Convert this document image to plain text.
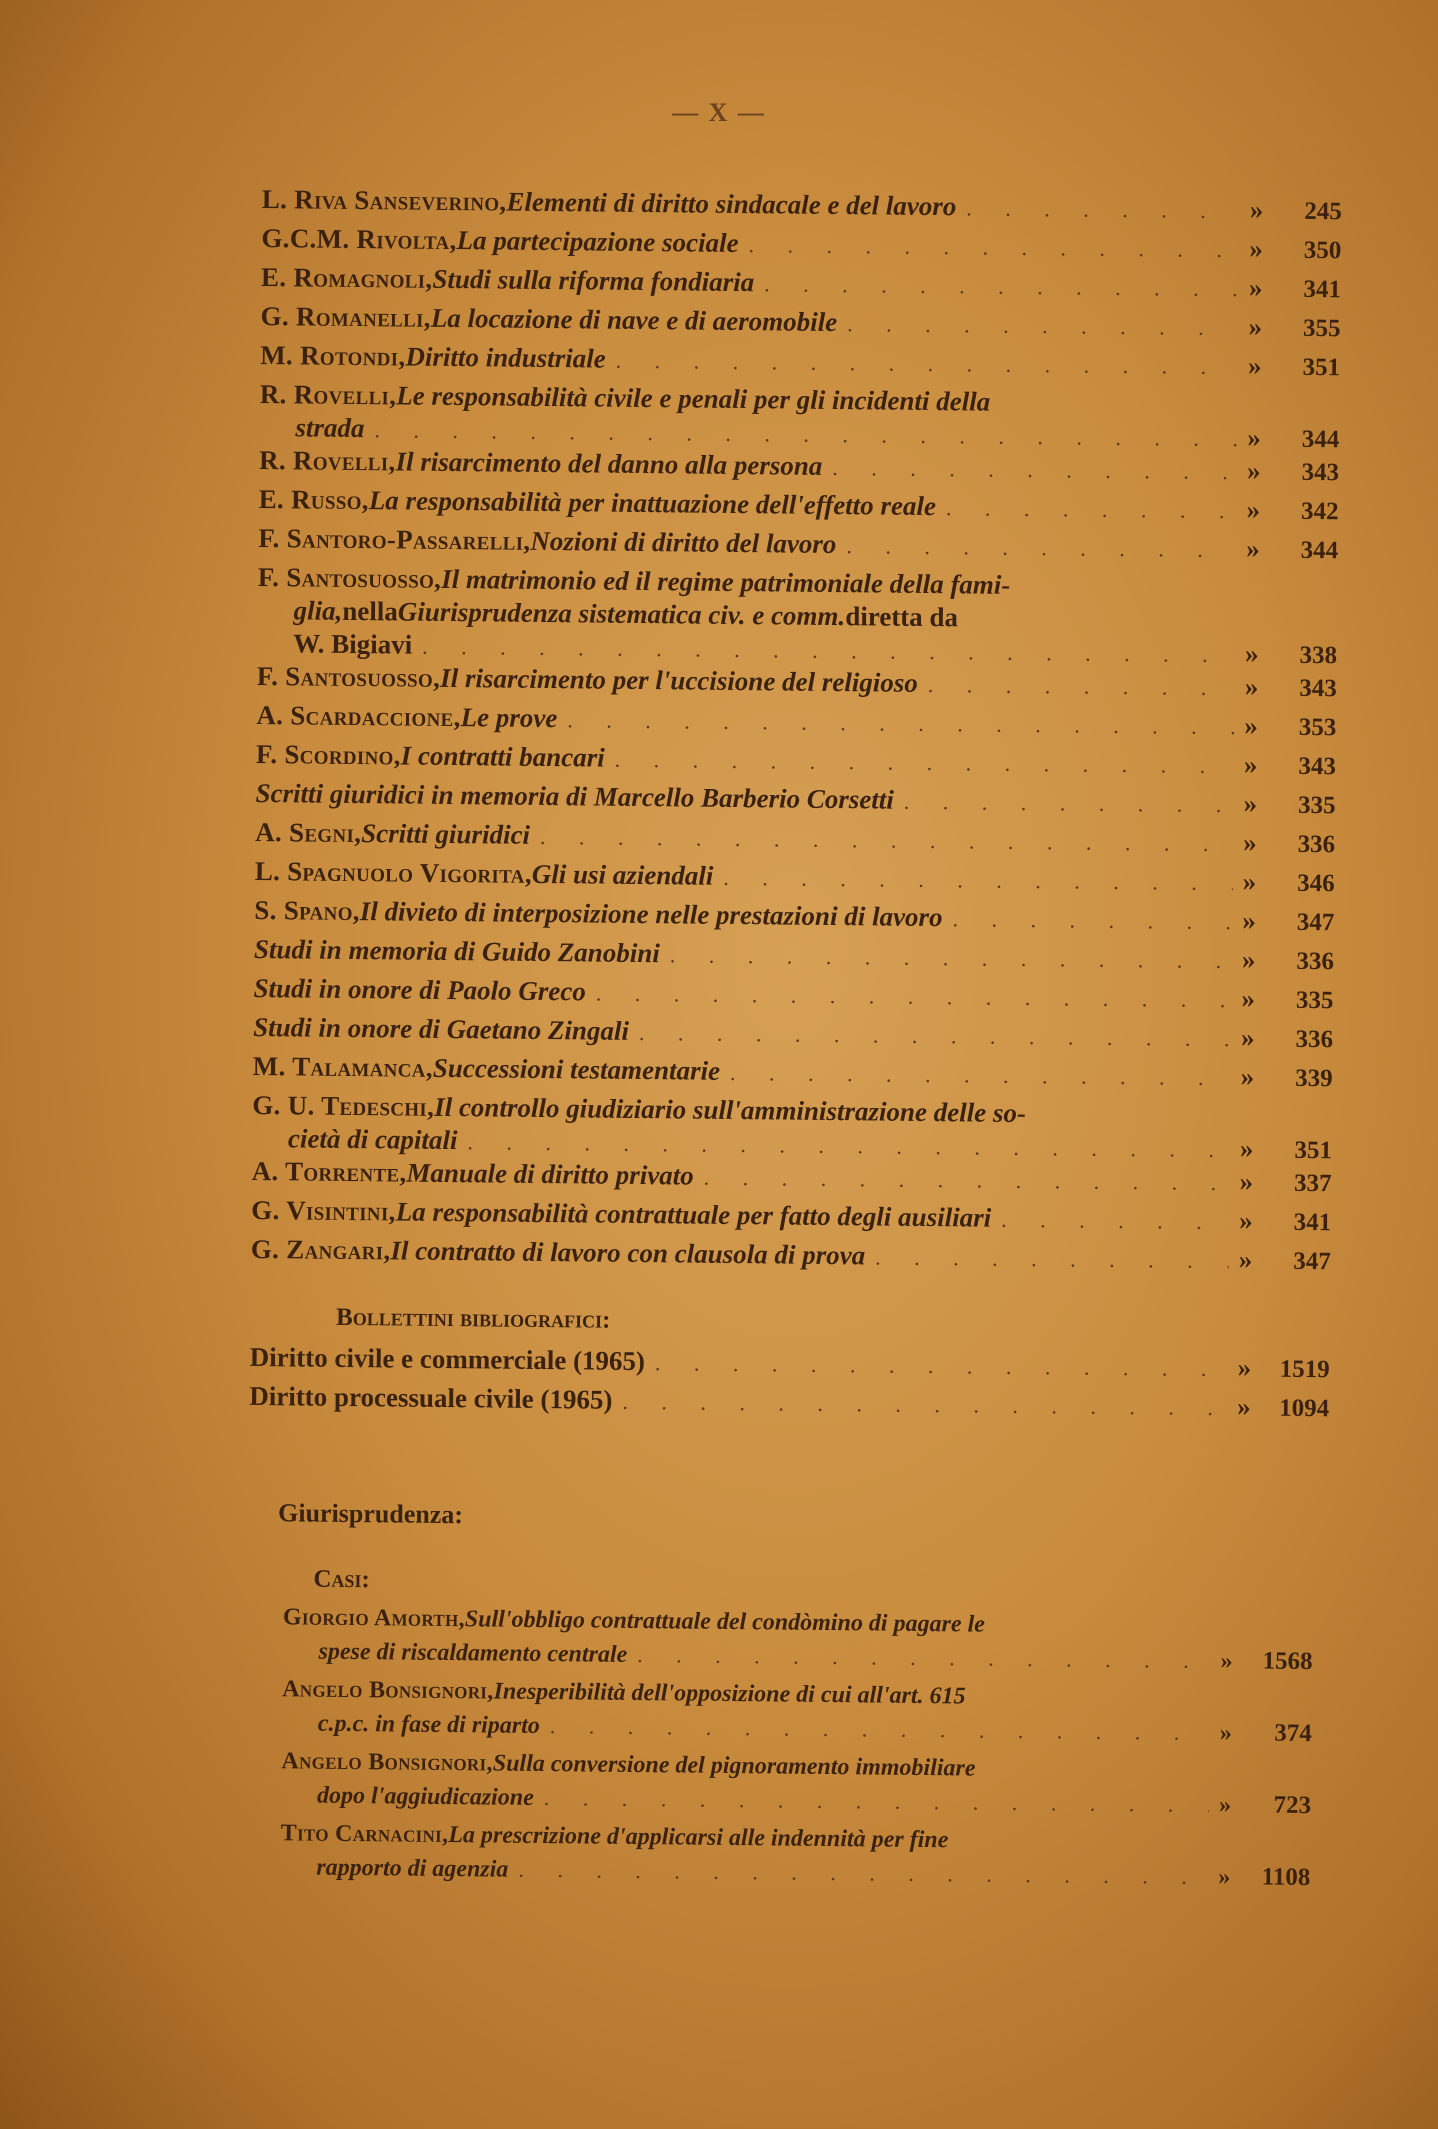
— X —
L. Riva Sanseverino, Elementi di diritto sindacale e del lavoro . . .	»	245
G.C.M. Rivolta, La partecipazione sociale . . .	»	350
E. Romagnoli, Studi sulla riforma fondiaria . . .	»	341
G. Romanelli, La locazione di nave e di aeromobile . . .	»	355
M. Rotondi, Diritto industriale . . .	»	351
R. Rovelli, Le responsabilità civile e penali per gli incidenti della
strada . . .	»	344
R. Rovelli, Il risarcimento del danno alla persona . . .	»	343
E. Russo, La responsabilità per inattuazione dell'effetto reale . . .	»	342
F. Santoro-Passarelli, Nozioni di diritto del lavoro . . .	»	344
F. Santosuosso, Il matrimonio ed il regime patrimoniale della fami-
glia, nella Giurisprudenza sistematica civ. e comm. diretta da
W. Bigiavi . . .	»	338
F. Santosuosso, Il risarcimento per l'uccisione del religioso . . .	»	343
A. Scardaccione, Le prove . . .	»	353
F. Scordino, I contratti bancari . . .	»	343
Scritti giuridici in memoria di Marcello Barberio Corsetti . . .	»	335
A. Segni, Scritti giuridici . . .	»	336
L. Spagnuolo Vigorita, Gli usi aziendali . . .	»	346
S. Spano, Il divieto di interposizione nelle prestazioni di lavoro . . .	»	347
Studi in memoria di Guido Zanobini . . .	»	336
Studi in onore di Paolo Greco . . .	»	335
Studi in onore di Gaetano Zingali . . .	»	336
M. Talamanca, Successioni testamentarie . . .	»	339
G. U. Tedeschi, Il controllo giudiziario sull'amministrazione delle so-
cietà di capitali . . .	»	351
A. Torrente, Manuale di diritto privato . . .	»	337
G. Visintini, La responsabilità contrattuale per fatto degli ausiliari . . .	»	341
G. Zangari, Il contratto di lavoro con clausola di prova . . .	»	347
Bollettini bibliografici:
Diritto civile e commerciale (1965) . . .	»	1519
Diritto processuale civile (1965) . . .	»	1094
Giurisprudenza:
Casi:
Giorgio Amorth, Sull'obbligo contrattuale del condòmino di pagare le
spese di riscaldamento centrale . . .	»	1568
Angelo Bonsignori, Inesperibilità dell'opposizione di cui all'art. 615
c.p.c. in fase di riparto . . .	»	374
Angelo Bonsignori, Sulla conversione del pignoramento immobiliare
dopo l'aggiudicazione . . .	»	723
Tito Carnacini, La prescrizione d'applicarsi alle indennità per fine
rapporto di agenzia . . .	»	1108
